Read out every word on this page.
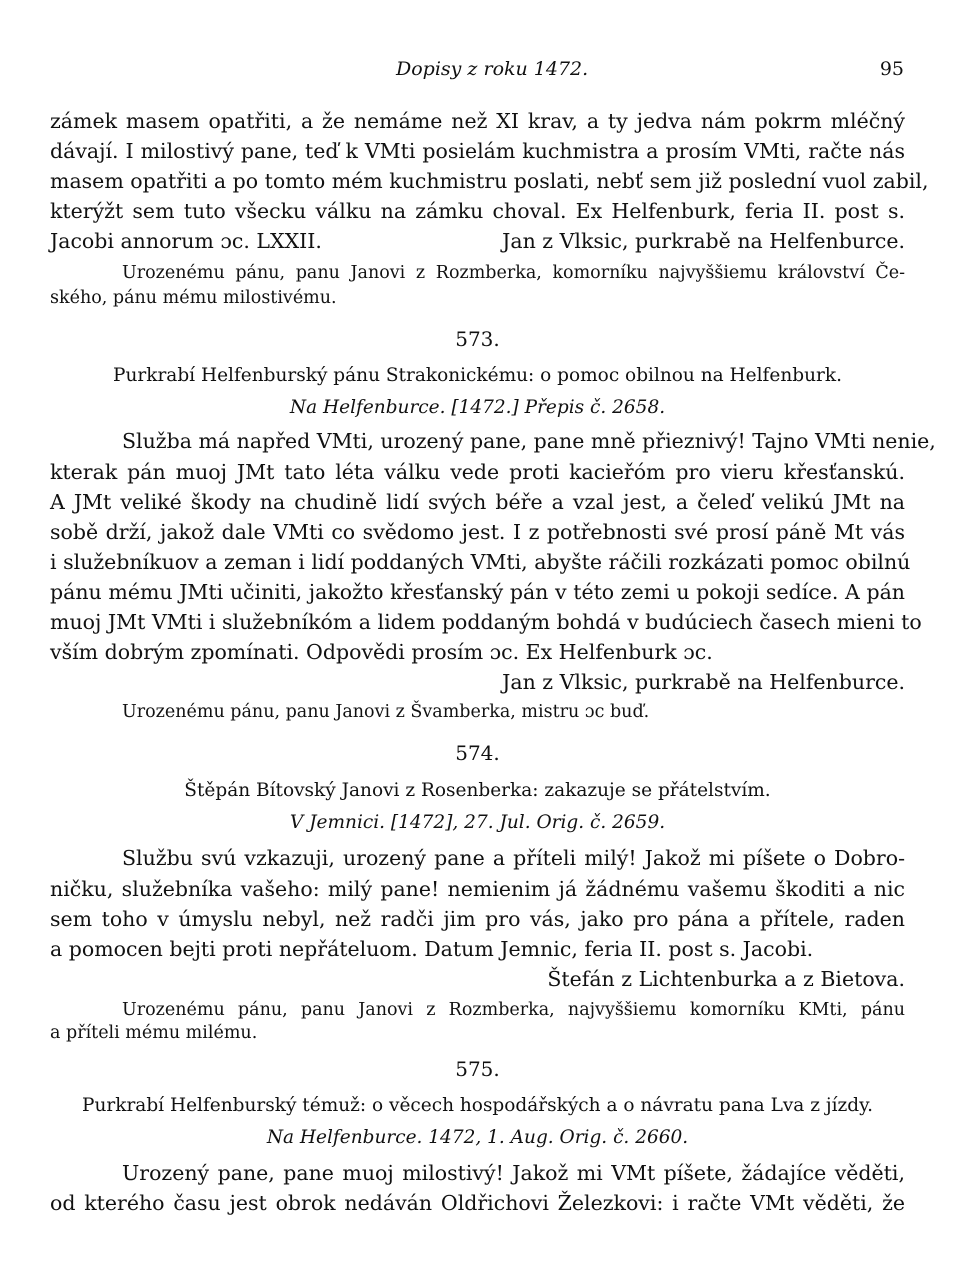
Dopisy z roku 1472.	95
zámek masem opatřiti, a že nemáme než XI krav, a ty jedva nám pokrm mléčný
dávají. I milostivý pane, teď k VMti posielám kuchmistra a prosím VMti, račte nás
masem opatřiti a po tomto mém kuchmistru poslati, neb​ť sem již poslední vuol zabil,
kterýžt sem tuto všecku válku na zámku choval. Ex Helfenburk, feria II. post s.
Jacobi annorum ɔc. LXXII.	Jan z Vlksic, purkrabě na Helfenburce.
Urozenému pánu, panu Janovi z Rozmberka, komorníku najvyššiemu království Če-
ského, pánu mému milostivému.
573.
Purkrabí Helfenburský pánu Strakonickému: o pomoc obilnou na Helfenburk.
Na Helfenburce. [1472.] Přepis č. 2658.
Služba má napřed VMti, urozený pane, pane mně přieznivý! Tajno VMti nenie,
kterak pán muoj JMt tato léta válku vede proti kacieřóm pro vieru křesťanskú.
A JMt veliké škody na chudině lidí svých béře a vzal jest, a čeleď velikú JMt na
sobě drží, jakož dale VMti co svědomo jest. I z potřebnosti své prosí páně Mt vás
i služebníkuov a zeman i lidí poddaných VMti, abyšte ráčili rozkázati pomoc obilnú
pánu mému JMti učiniti, jakožto křesťanský pán v této zemi u pokoji sedíce. A pán
muoj JMt VMti i služebníkóm a lidem poddaným bohdá v budúciech časech mieni to
vším dobrým zpomínati. Odpovědi prosím ɔc. Ex Helfenburk ɔc.
Jan z Vlksic, purkrabě na Helfenburce.
Urozenému pánu, panu Janovi z Švamberka, mistru ɔc buď.
574.
Štěpán Bítovský Janovi z Rosenberka: zakazuje se přátelstvím.
V Jemnici. [1472], 27. Jul. Orig. č. 2659.
Službu svú vzkazuji, urozený pane a příteli milý! Jakož mi píšete o Dobro-
ničku, služebníka vašeho: milý pane! nemienim já žádnému vašemu škoditi a nic
sem toho v úmyslu nebyl, než radči jim pro vás, jako pro pána a přítele, raden
a pomocen bejti proti nepřáteluom. Datum Jemnic, feria II. post s. Jacobi.
Štefán z Lichtenburka a z Bietova.
Urozenému pánu, panu Janovi z Rozmberka, najvyššiemu komorníku KMti, pánu
a příteli mému milému.
575.
Purkrabí Helfenburský témuž: o věcech hospodářských a o návratu pana Lva z jízdy.
Na Helfenburce. 1472, 1. Aug. Orig. č. 2660.
Urozený pane, pane muoj milostivý! Jakož mi VMt píšete, žádajíce věděti,
od kterého času jest obrok nedáván Oldřichovi Železkovi: i račte VMt věděti, že
